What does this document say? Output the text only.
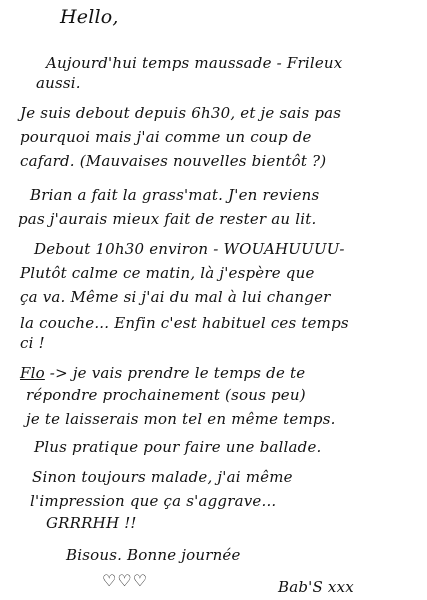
Hello,
Aujourd'hui temps maussade - Frileux
aussi.
Je suis debout depuis 6h30, et je sais pas
pourquoi mais j'ai comme un coup de
cafard. (Mauvaises nouvelles bientôt ?)
Brian a fait la grass'mat. J'en reviens
pas j'aurais mieux fait de rester au lit.
Debout 10h30 environ - WOUAHUUUU-
Plutôt calme ce matin, là j'espère que
ça va. Même si j'ai du mal à lui changer
la couche... Enfin c'est habituel ces temps
ci !
Flo -> je vais prendre le temps de te
répondre prochainement (sous peu)
je te laisserais mon tel en même temps.
Plus pratique pour faire une ballade.
Sinon toujours malade, j'ai même
l'impression que ça s'aggrave...
GRRRHH !!
Bisous. Bonne journée
♡♡♡	Bab'S xxx
